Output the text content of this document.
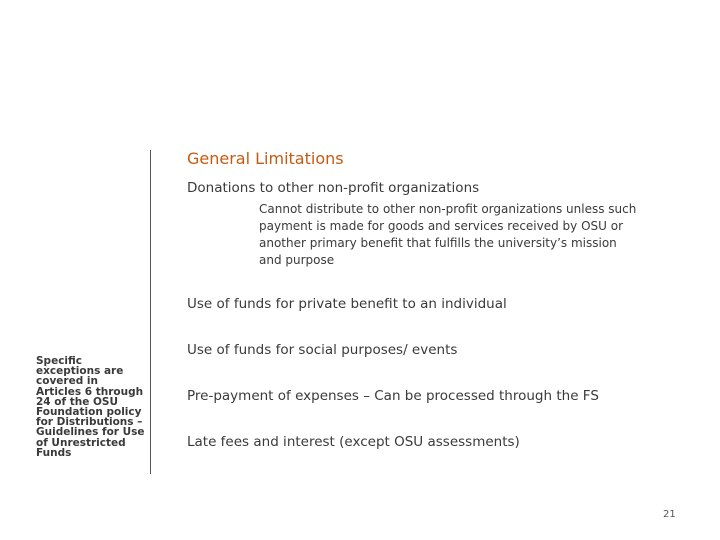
Specific exceptions are covered in Articles 6 through 24 of the OSU Foundation policy for Distributions – Guidelines for Use of Unrestricted Funds
General Limitations
Donations to other non-profit organizations
Cannot distribute to other non-profit organizations unless such payment is made for goods and services received by OSU or another primary benefit that fulfills the university’s mission and purpose
Use of funds for private benefit to an individual
Use of funds for social purposes/ events
Pre-payment of expenses – Can be processed through the FS
Late fees and interest (except OSU assessments)
21
